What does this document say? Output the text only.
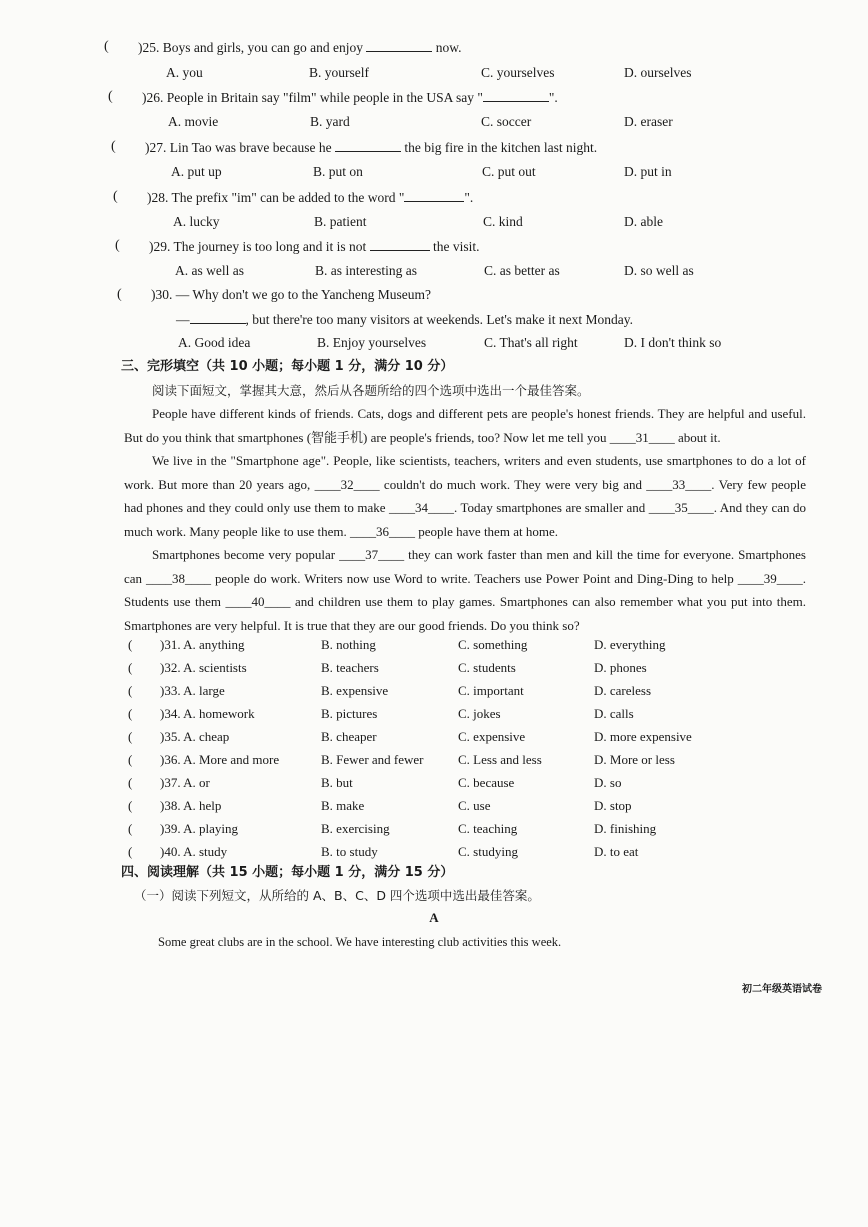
( )25. Boys and girls, you can go and enjoy	now.
A. you	B. yourself	C. yourselves	D. ourselves
( )26. People in Britain say "film" while people in the USA say "	".
A. movie	B. yard	C. soccer	D. eraser
( )27. Lin Tao was brave because he	the big fire in the kitchen last night.
A. put up	B. put on	C. put out	D. put in
( )28. The prefix "im" can be added to the word "	".
A. lucky	B. patient	C. kind	D. able
( )29. The journey is too long and it is not	the visit.
A. as well as	B. as interesting as	C. as better as	D. so well as
( )30. — Why don't we go to the Yancheng Museum?
—	, but there're too many visitors at weekends. Let's make it next Monday.
A. Good idea	B. Enjoy yourselves	C. That's all right	D. I don't think so
三、完形填空（共 10 小题；每小题 1 分，满分 10 分）
阅读下面短文，掌握其大意，然后从各题所给的四个选项中选出一个最佳答案。

People have different kinds of friends. Cats, dogs and different pets are people's honest friends. They are helpful and useful. But do you think that smartphones (智能手机) are people's friends, too? Now let me tell you ____31____ about it.

We live in the "Smartphone age". People, like scientists, teachers, writers and even students, use smartphones to do a lot of work. But more than 20 years ago, ____32____ couldn't do much work. They were very big and ____33____. Very few people had phones and they could only use them to make ____34____. Today smartphones are smaller and ____35____. And they can do much work. Many people like to use them. ____36____ people have them at home.

Smartphones become very popular ____37____ they can work faster than men and kill the time for everyone. Smartphones can ____38____ people do work. Writers now use Word to write. Teachers use Power Point and Ding-Ding to help ____39____. Students use them ____40____ and children use them to play games. Smartphones can also remember what you put into them. Smartphones are very helpful. It is true that they are our good friends. Do you think so?

( )31. A. anything	B. nothing	C. something	D. everything
( )32. A. scientists	B. teachers	C. students	D. phones
( )33. A. large	B. expensive	C. important	D. careless
( )34. A. homework	B. pictures	C. jokes	D. calls
( )35. A. cheap	B. cheaper	C. expensive	D. more expensive
( )36. A. More and more	B. Fewer and fewer	C. Less and less	D. More or less
( )37. A. or	B. but	C. because	D. so
( )38. A. help	B. make	C. use	D. stop
( )39. A. playing	B. exercising	C. teaching	D. finishing
( )40. A. study	B. to study	C. studying	D. to eat
四、阅读理解（共 15 小题；每小题 1 分，满分 15 分）
（一）阅读下列短文，从所给的 A、B、C、D 四个选项中选出最佳答案。
A
Some great clubs are in the school. We have interesting club activities this week.
初二年级英语试卷
